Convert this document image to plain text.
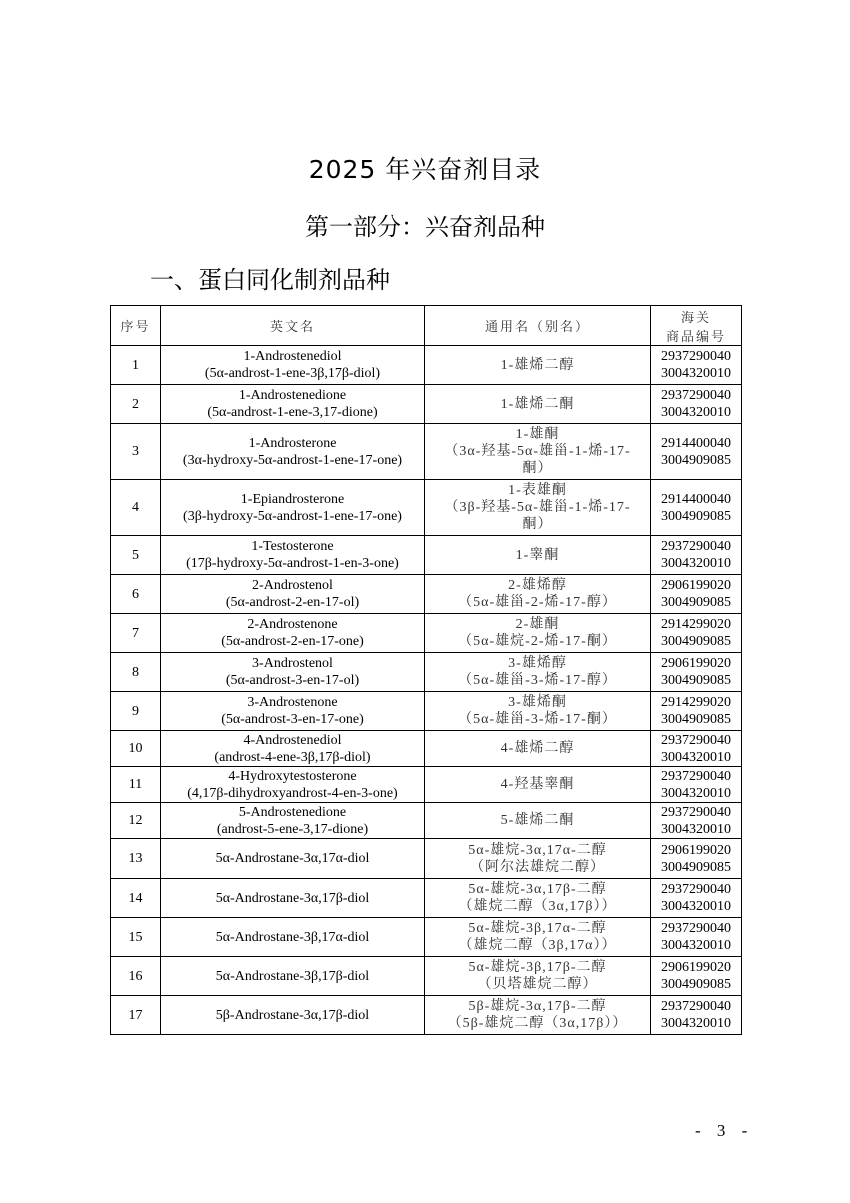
2025 年兴奋剂目录
第一部分：兴奋剂品种
一、蛋白同化制剂品种
序号	英文名	通用名（别名）	海关
商品编号

1	1-Androstenediol
(5α-androst-1-ene-3β,17β-diol)	1-雄烯二醇	2937290040
3004320010

2	1-Androstenedione
(5α-androst-1-ene-3,17-dione)	1-雄烯二酮	2937290040
3004320010

3	1-Androsterone
(3α-hydroxy-5α-androst-1-ene-17-one)	1-雄酮
（3α-羟基-5α-雄甾-1-烯-17-
酮）	2914400040
3004909085

4	1-Epiandrosterone
(3β-hydroxy-5α-androst-1-ene-17-one)	1-表雄酮
（3β-羟基-5α-雄甾-1-烯-17-
酮）	2914400040
3004909085

5	1-Testosterone
(17β-hydroxy-5α-androst-1-en-3-one)	1-睾酮	2937290040
3004320010

6	2-Androstenol
(5α-androst-2-en-17-ol)	2-雄烯醇
（5α-雄甾-2-烯-17-醇）	2906199020
3004909085

7	2-Androstenone
(5α-androst-2-en-17-one)	2-雄酮
（5α-雄烷-2-烯-17-酮）	2914299020
3004909085

8	3-Androstenol
(5α-androst-3-en-17-ol)	3-雄烯醇
（5α-雄甾-3-烯-17-醇）	2906199020
3004909085

9	3-Androstenone
(5α-androst-3-en-17-one)	3-雄烯酮
（5α-雄甾-3-烯-17-酮）	2914299020
3004909085

10	4-Androstenediol
(androst-4-ene-3β,17β-diol)	4-雄烯二醇	2937290040
3004320010

11	4-Hydroxytestosterone
(4,17β-dihydroxyandrost-4-en-3-one)	4-羟基睾酮	2937290040
3004320010

12	5-Androstenedione
(androst-5-ene-3,17-dione)	5-雄烯二酮	2937290040
3004320010

13	5α-Androstane-3α,17α-diol	5α-雄烷-3α,17α-二醇
（阿尔法雄烷二醇）	2906199020
3004909085

14	5α-Androstane-3α,17β-diol	5α-雄烷-3α,17β-二醇
（雄烷二醇（3α,17β））	2937290040
3004320010

15	5α-Androstane-3β,17α-diol	5α-雄烷-3β,17α-二醇
（雄烷二醇（3β,17α））	2937290040
3004320010

16	5α-Androstane-3β,17β-diol	5α-雄烷-3β,17β-二醇
（贝塔雄烷二醇）	2906199020
3004909085

17	5β-Androstane-3α,17β-diol	5β-雄烷-3α,17β-二醇
（5β-雄烷二醇（3α,17β））	2937290040
3004320010
- 3 -
